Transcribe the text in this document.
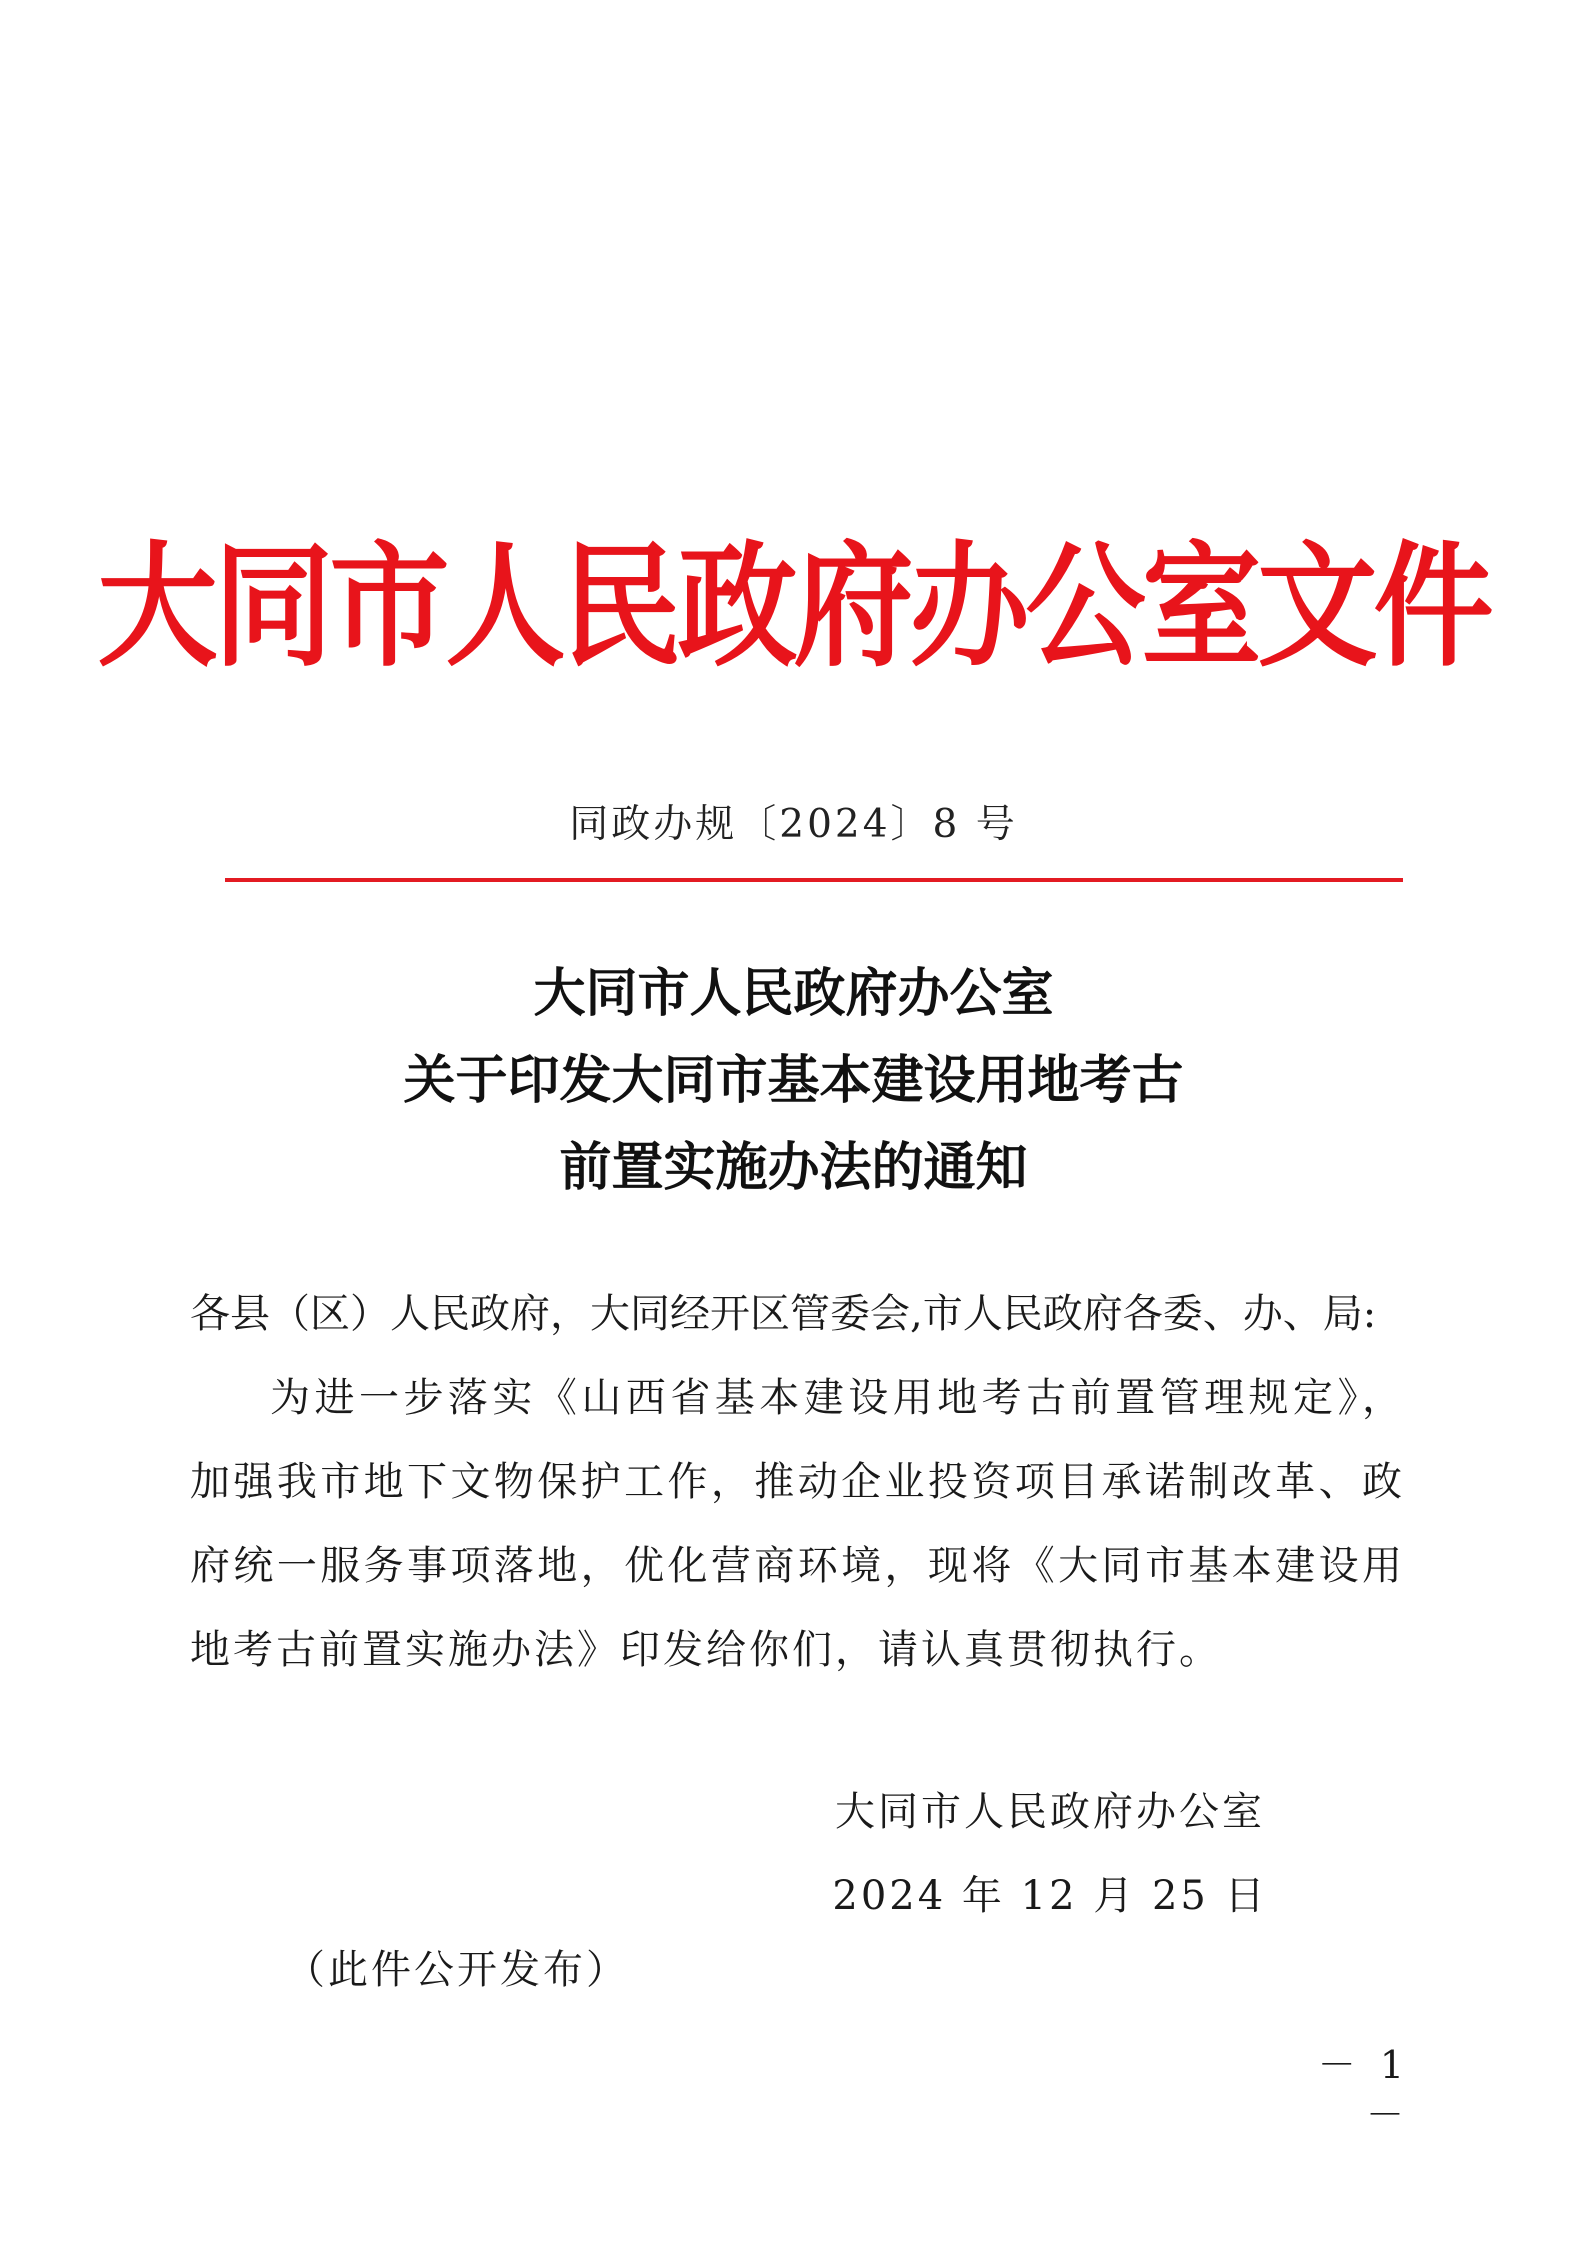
大同市人民政府办公室文件
同政办规〔2024〕8 号
大同市人民政府办公室
关于印发大同市基本建设用地考古
前置实施办法的通知
各县（区）人民政府，大同经开区管委会,市人民政府各委、办、局:
为进一步落实《山西省基本建设用地考古前置管理规定》，加强我市地下文物保护工作，推动企业投资项目承诺制改革、政府统一服务事项落地，优化营商环境，现将《大同市基本建设用地考古前置实施办法》印发给你们，请认真贯彻执行。
大同市人民政府办公室
2024 年 12 月 25 日
（此件公开发布）
－ 1 －
